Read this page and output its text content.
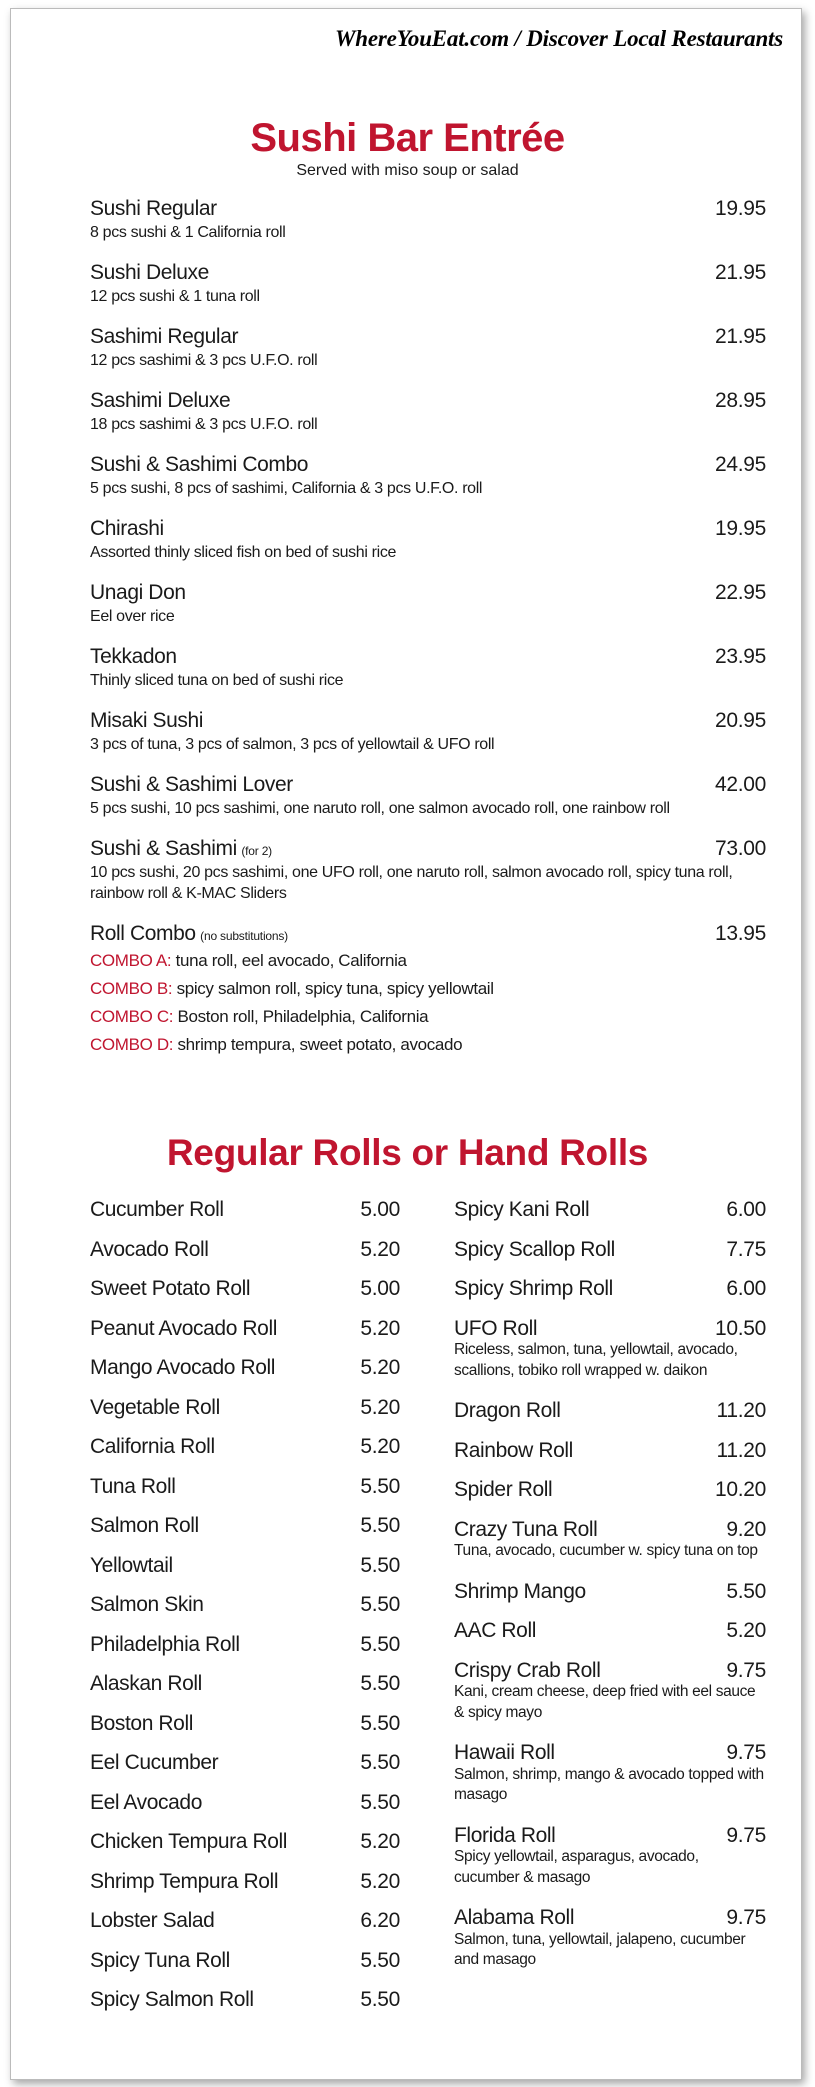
WhereYouEat.com / Discover Local Restaurants
Sushi Bar Entrée
Served with miso soup or salad
Sushi Regular	19.95
8 pcs sushi & 1 California roll
Sushi Deluxe	21.95
12 pcs sushi & 1 tuna roll
Sashimi Regular	21.95
12 pcs sashimi & 3 pcs U.F.O. roll
Sashimi Deluxe	28.95
18 pcs sashimi & 3 pcs U.F.O. roll
Sushi & Sashimi Combo	24.95
5 pcs sushi, 8 pcs of sashimi, California & 3 pcs U.F.O. roll
Chirashi	19.95
Assorted thinly sliced fish on bed of sushi rice
Unagi Don	22.95
Eel over rice
Tekkadon	23.95
Thinly sliced tuna on bed of sushi rice
Misaki Sushi	20.95
3 pcs of tuna, 3 pcs of salmon, 3 pcs of yellowtail & UFO roll
Sushi & Sashimi Lover	42.00
5 pcs sushi, 10 pcs sashimi, one naruto roll, one salmon avocado roll, one rainbow roll
Sushi & Sashimi (for 2)	73.00
10 pcs sushi, 20 pcs sashimi, one UFO roll, one naruto roll, salmon avocado roll, spicy tuna roll, rainbow roll & K-MAC Sliders
Roll Combo (no substitutions)	13.95
COMBO A: tuna roll, eel avocado, California
COMBO B: spicy salmon roll, spicy tuna, spicy yellowtail
COMBO C: Boston roll, Philadelphia, California
COMBO D: shrimp tempura, sweet potato, avocado
Regular Rolls or Hand Rolls
Cucumber Roll	5.00
Avocado Roll	5.20
Sweet Potato Roll	5.00
Peanut Avocado Roll	5.20
Mango Avocado Roll	5.20
Vegetable Roll	5.20
California Roll	5.20
Tuna Roll	5.50
Salmon Roll	5.50
Yellowtail	5.50
Salmon Skin	5.50
Philadelphia Roll	5.50
Alaskan Roll	5.50
Boston Roll	5.50
Eel Cucumber	5.50
Eel Avocado	5.50
Chicken Tempura Roll	5.20
Shrimp Tempura Roll	5.20
Lobster Salad	6.20
Spicy Tuna Roll	5.50
Spicy Salmon Roll	5.50
Spicy Kani Roll	6.00
Spicy Scallop Roll	7.75
Spicy Shrimp Roll	6.00
UFO Roll	10.50
Riceless, salmon, tuna, yellowtail, avocado, scallions, tobiko roll wrapped w. daikon
Dragon Roll	11.20
Rainbow Roll	11.20
Spider Roll	10.20
Crazy Tuna Roll	9.20
Tuna, avocado, cucumber w. spicy tuna on top
Shrimp Mango	5.50
AAC Roll	5.20
Crispy Crab Roll	9.75
Kani, cream cheese, deep fried with eel sauce & spicy mayo
Hawaii Roll	9.75
Salmon, shrimp, mango & avocado topped with masago
Florida Roll	9.75
Spicy yellowtail, asparagus, avocado, cucumber & masago
Alabama Roll	9.75
Salmon, tuna, yellowtail, jalapeno, cucumber and masago
